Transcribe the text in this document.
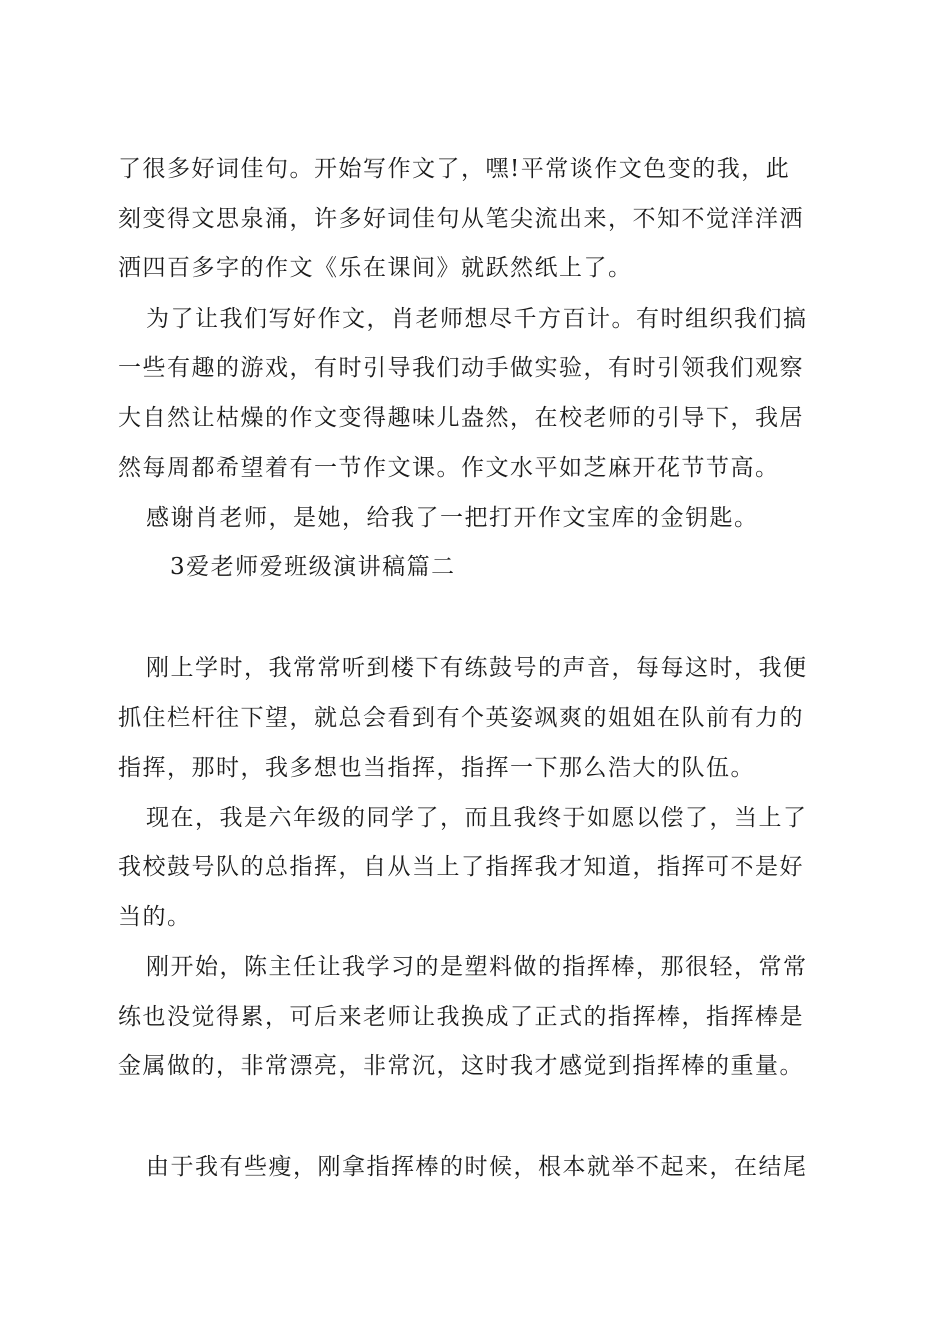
了很多好词佳句。开始写作文了，嘿!平常谈作文色变的我，此
刻变得文思泉涌，许多好词佳句从笔尖流出来，不知不觉洋洋洒
洒四百多字的作文《乐在课间》就跃然纸上了。
为了让我们写好作文，肖老师想尽千方百计。有时组织我们搞
一些有趣的游戏，有时引导我们动手做实验，有时引领我们观察
大自然让枯燥的作文变得趣味儿盎然，在校老师的引导下，我居
然每周都希望着有一节作文课。作文水平如芝麻开花节节高。
感谢肖老师，是她，给我了一把打开作文宝库的金钥匙。
3爱老师爱班级演讲稿篇二
刚上学时，我常常听到楼下有练鼓号的声音，每每这时，我便
抓住栏杆往下望，就总会看到有个英姿飒爽的姐姐在队前有力的
指挥，那时，我多想也当指挥，指挥一下那么浩大的队伍。
现在，我是六年级的同学了，而且我终于如愿以偿了，当上了
我校鼓号队的总指挥，自从当上了指挥我才知道，指挥可不是好
当的。
刚开始，陈主任让我学习的是塑料做的指挥棒，那很轻，常常
练也没觉得累，可后来老师让我换成了正式的指挥棒，指挥棒是
金属做的，非常漂亮，非常沉，这时我才感觉到指挥棒的重量。
由于我有些瘦，刚拿指挥棒的时候，根本就举不起来，在结尾
